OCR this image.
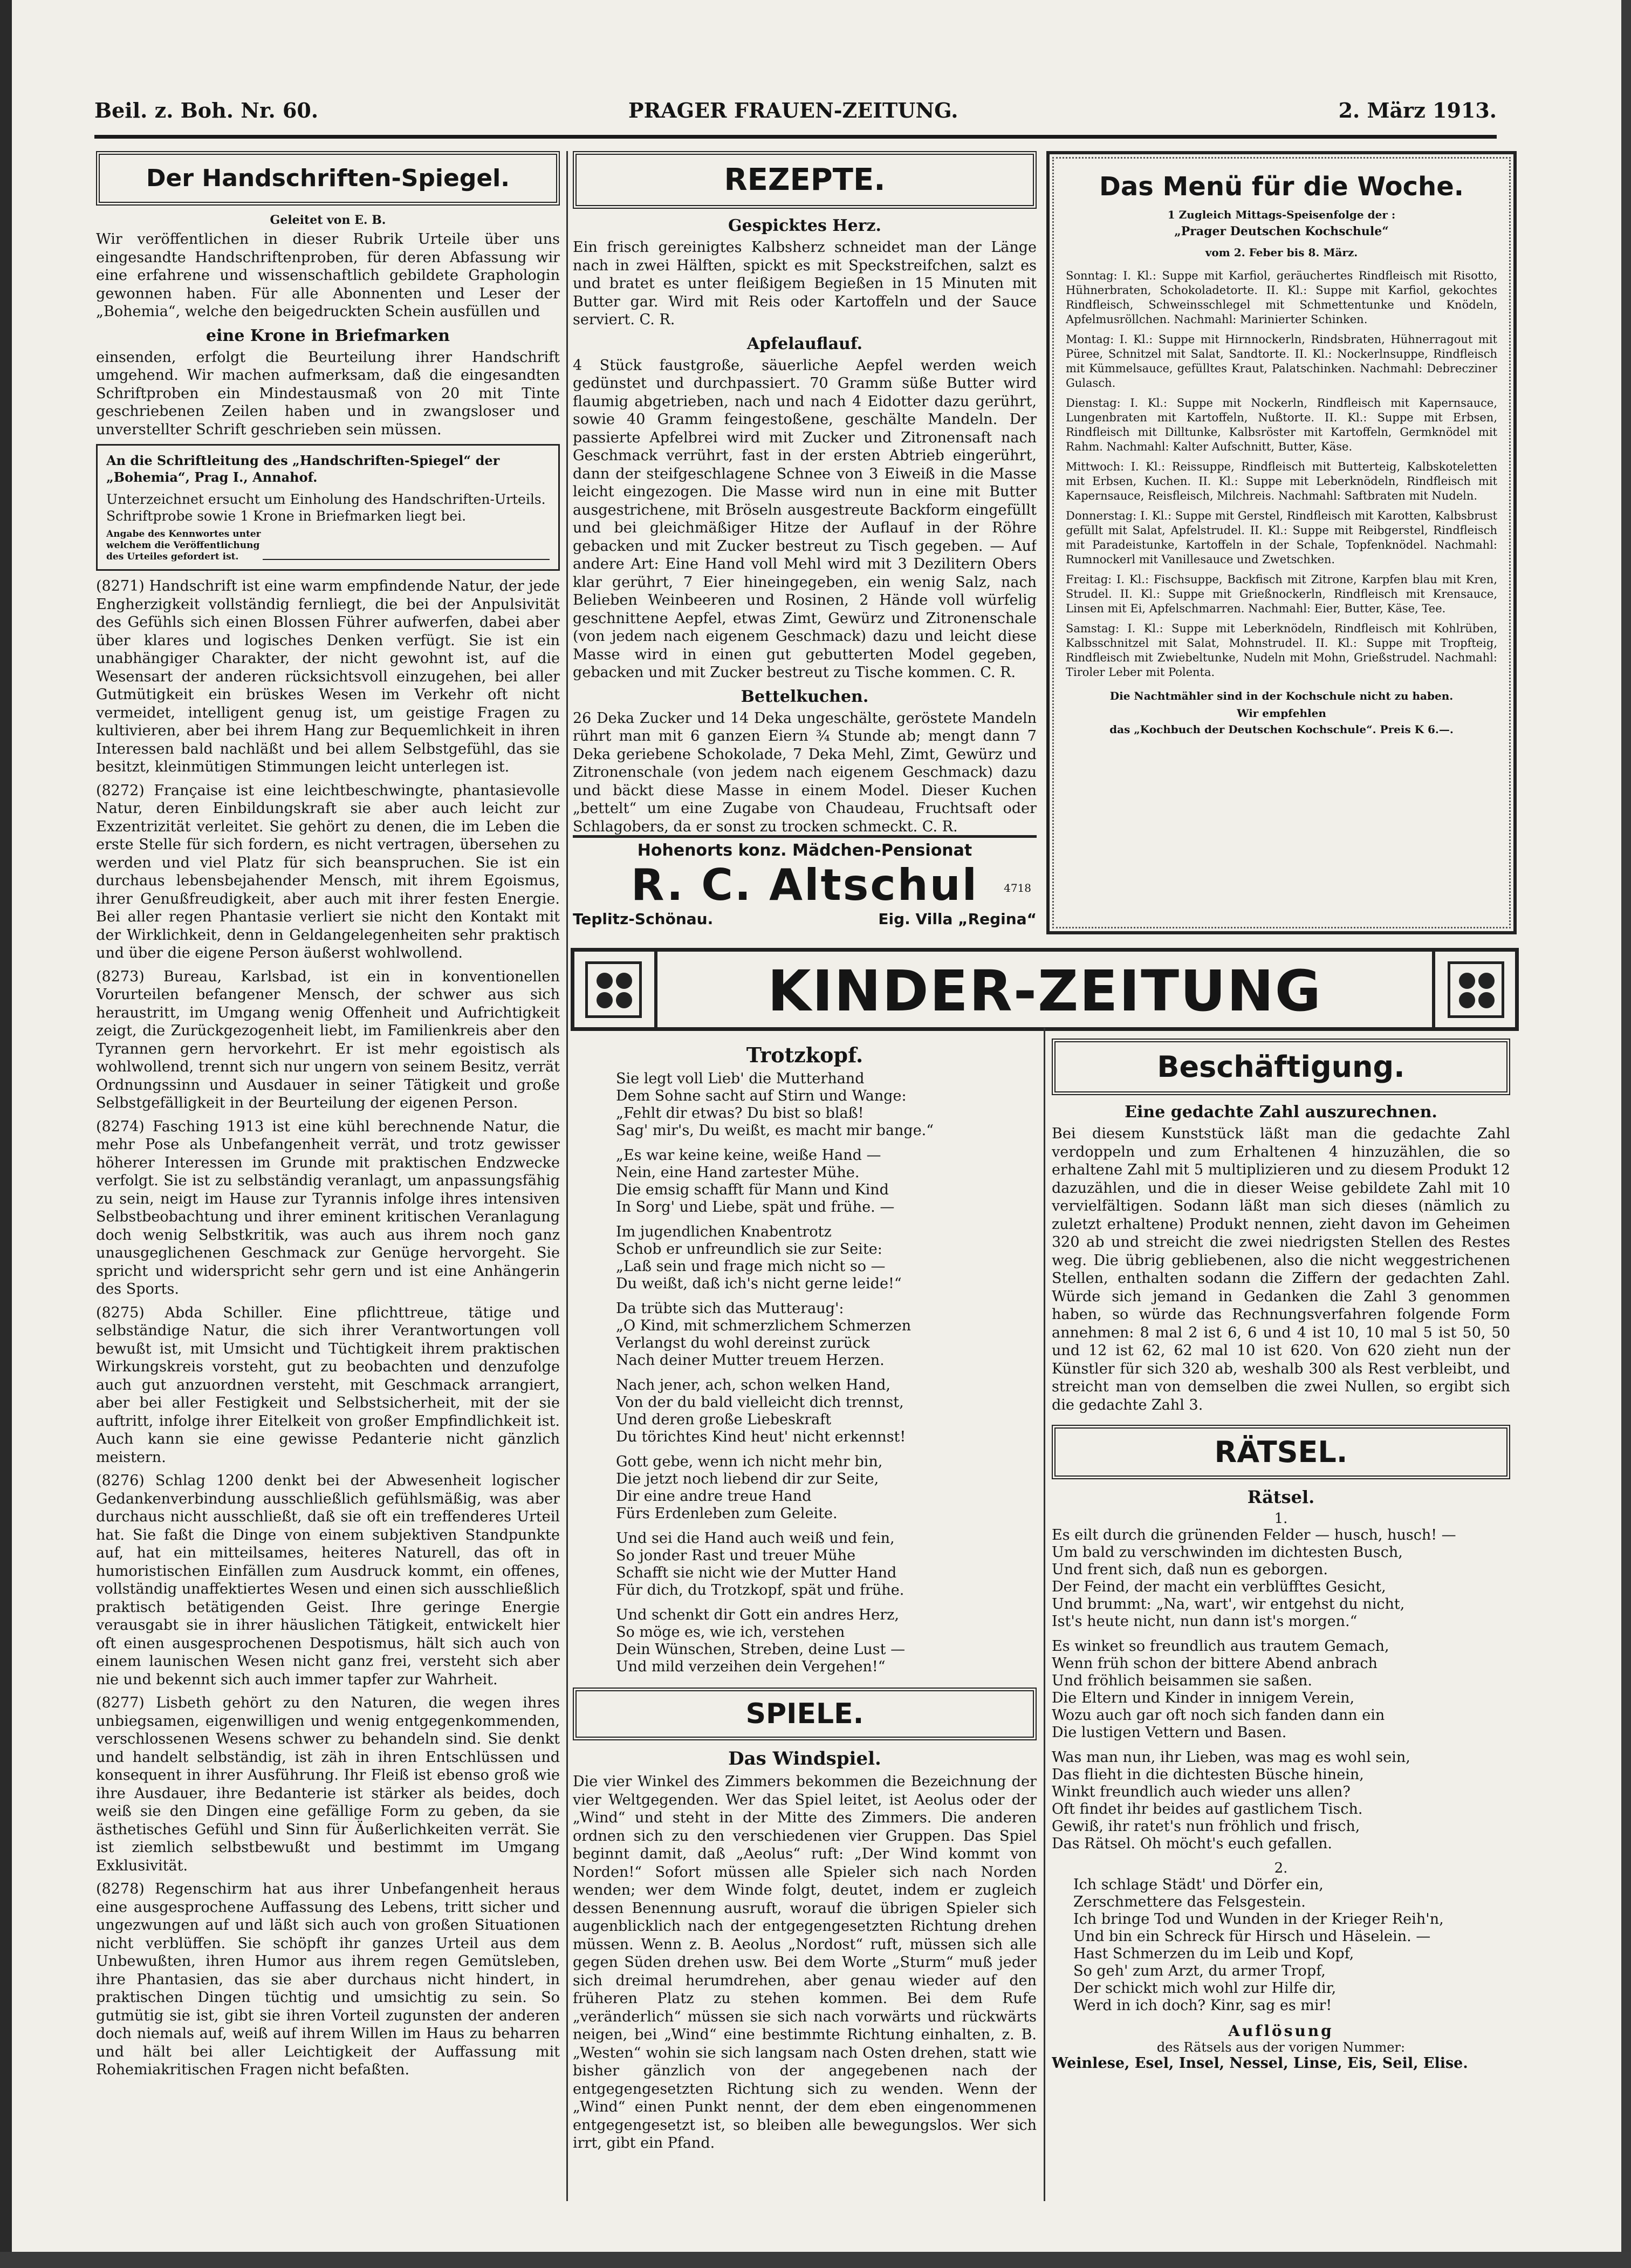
Beil. z. Boh. Nr. 60.	PRAGER FRAUEN-ZEITUNG.	2. März 1913.
Der Handschriften-Spiegel.
Geleitet von E. B.
Wir veröffentlichen in dieser Rubrik Urteile über uns eingesandte Handschriftenproben, für deren Abfassung wir eine erfahrene und wissenschaftlich gebildete Graphologin gewonnen haben. Für alle Abonnenten und Leser der „Bohemia“, welche den beigedruckten Schein ausfüllen und
eine Krone in Briefmarken
einsenden, erfolgt die Beurteilung ihrer Handschrift umgehend. Wir machen aufmerksam, daß die eingesandten Schriftproben ein Mindestausmaß von 20 mit Tinte geschriebenen Zeilen haben und in zwangsloser und unverstellter Schrift geschrieben sein müssen.
An die Schriftleitung des „Handschriften-Spiegel“ der „Bohemia“, Prag I., Annahof.
Unterzeichnet ersucht um Einholung des Handschriften-Urteils. Schriftprobe sowie 1 Krone in Briefmarken liegt bei.
Angabe des Kennwortes unter welchem die Veröffentlichung des Urteiles gefordert ist.
(8271) Handschrift ist eine warm empfindende Natur, der jede Engherzigkeit vollständig fernliegt, die bei der Anpulsivität des Gefühls sich einen Blossen Führer aufwerfen, dabei aber über klares und logisches Denken verfügt. Sie ist ein unabhängiger Charakter, der nicht gewohnt ist, auf die Wesensart der anderen rücksichtsvoll einzugehen, bei aller Gutmütigkeit ein brüskes Wesen im Verkehr oft nicht vermeidet, intelligent genug ist, um geistige Fragen zu kultivieren, aber bei ihrem Hang zur Bequemlichkeit in ihren Interessen bald nachläßt und bei allem Selbstgefühl, das sie besitzt, kleinmütigen Stimmungen leicht unterlegen ist.
(8272) Française ist eine leichtbeschwingte, phantasievolle Natur, deren Einbildungskraft sie aber auch leicht zur Exzentrizität verleitet. Sie gehört zu denen, die im Leben die erste Stelle für sich fordern, es nicht vertragen, übersehen zu werden und viel Platz für sich beanspruchen. Sie ist ein durchaus lebensbejahender Mensch, mit ihrem Egoismus, ihrer Genußfreudigkeit, aber auch mit ihrer festen Energie. Bei aller regen Phantasie verliert sie nicht den Kontakt mit der Wirklichkeit, denn in Geldangelegenheiten sehr praktisch und über die eigene Person äußerst wohlwollend.
(8273) Bureau, Karlsbad, ist ein in konventionellen Vorurteilen befangener Mensch, der schwer aus sich heraustritt, im Umgang wenig Offenheit und Aufrichtigkeit zeigt, die Zurückgezogenheit liebt, im Familienkreis aber den Tyrannen gern hervorkehrt. Er ist mehr egoistisch als wohlwollend, trennt sich nur ungern von seinem Besitz, verrät Ordnungssinn und Ausdauer in seiner Tätigkeit und große Selbstgefälligkeit in der Beurteilung der eigenen Person.
(8274) Fasching 1913 ist eine kühl berechnende Natur, die mehr Pose als Unbefangenheit verrät, und trotz gewisser höherer Interessen im Grunde mit praktischen Endzwecke verfolgt. Sie ist zu selbständig veranlagt, um anpassungsfähig zu sein, neigt im Hause zur Tyrannis infolge ihres intensiven Selbstbeobachtung und ihrer eminent kritischen Veranlagung doch wenig Selbstkritik, was auch aus ihrem noch ganz unausgeglichenen Geschmack zur Genüge hervorgeht. Sie spricht und widerspricht sehr gern und ist eine Anhängerin des Sports.
(8275) Abda Schiller. Eine pflichttreue, tätige und selbständige Natur, die sich ihrer Verantwortungen voll bewußt ist, mit Umsicht und Tüchtigkeit ihrem praktischen Wirkungskreis vorsteht, gut zu beobachten und denzufolge auch gut anzuordnen versteht, mit Geschmack arrangiert, aber bei aller Festigkeit und Selbstsicherheit, mit der sie auftritt, infolge ihrer Eitelkeit von großer Empfindlichkeit ist. Auch kann sie eine gewisse Pedanterie nicht gänzlich meistern.
(8276) Schlag 1200 denkt bei der Abwesenheit logischer Gedankenverbindung ausschließlich gefühlsmäßig, was aber durchaus nicht ausschließt, daß sie oft ein treffenderes Urteil hat. Sie faßt die Dinge von einem subjektiven Standpunkte auf, hat ein mitteilsames, heiteres Naturell, das oft in humoristischen Einfällen zum Ausdruck kommt, ein offenes, vollständig unaffektiertes Wesen und einen sich ausschließlich praktisch betätigenden Geist. Ihre geringe Energie verausgabt sie in ihrer häuslichen Tätigkeit, entwickelt hier oft einen ausgesprochenen Despotismus, hält sich auch von einem launischen Wesen nicht ganz frei, versteht sich aber nie und bekennt sich auch immer tapfer zur Wahrheit.
(8277) Lisbeth gehört zu den Naturen, die wegen ihres unbiegsamen, eigenwilligen und wenig entgegenkommenden, verschlossenen Wesens schwer zu behandeln sind. Sie denkt und handelt selbständig, ist zäh in ihren Entschlüssen und konsequent in ihrer Ausführung. Ihr Fleiß ist ebenso groß wie ihre Ausdauer, ihre Bedanterie ist stärker als beides, doch weiß sie den Dingen eine gefällige Form zu geben, da sie ästhetisches Gefühl und Sinn für Äußerlichkeiten verrät. Sie ist ziemlich selbstbewußt und bestimmt im Umgang Exklusivität.
(8278) Regenschirm hat aus ihrer Unbefangenheit heraus eine ausgesprochene Auffassung des Lebens, tritt sicher und ungezwungen auf und läßt sich auch von großen Situationen nicht verblüffen. Sie schöpft ihr ganzes Urteil aus dem Unbewußten, ihren Humor aus ihrem regen Gemütsleben, ihre Phantasien, das sie aber durchaus nicht hindert, in praktischen Dingen tüchtig und umsichtig zu sein. So gutmütig sie ist, gibt sie ihren Vorteil zugunsten der anderen doch niemals auf, weiß auf ihrem Willen im Haus zu beharren und hält bei aller Leichtigkeit der Auffassung mit Rohemiakritischen Fragen nicht befaßten.
REZEPTE.
Gespicktes Herz.
Ein frisch gereinigtes Kalbsherz schneidet man der Länge nach in zwei Hälften, spickt es mit Speckstreifchen, salzt es und bratet es unter fleißigem Begießen in 15 Minuten mit Butter gar. Wird mit Reis oder Kartoffeln und der Sauce serviert. C. R.
Apfelauflauf.
4 Stück faustgroße, säuerliche Aepfel werden weich gedünstet und durchpassiert. 70 Gramm süße Butter wird flaumig abgetrieben, nach und nach 4 Eidotter dazu gerührt, sowie 40 Gramm feingestoßene, geschälte Mandeln. Der passierte Apfelbrei wird mit Zucker und Zitronensaft nach Geschmack verrührt, fast in der ersten Abtrieb eingerührt, dann der steifgeschlagene Schnee von 3 Eiweiß in die Masse leicht eingezogen. Die Masse wird nun in eine mit Butter ausgestrichene, mit Bröseln ausgestreute Backform eingefüllt und bei gleichmäßiger Hitze der Auflauf in der Röhre gebacken und mit Zucker bestreut zu Tisch gegeben. — Auf andere Art: Eine Hand voll Mehl wird mit 3 Dezilitern Obers klar gerührt, 7 Eier hineingegeben, ein wenig Salz, nach Belieben Weinbeeren und Rosinen, 2 Hände voll würfelig geschnittene Aepfel, etwas Zimt, Gewürz und Zitronenschale (von jedem nach eigenem Geschmack) dazu und leicht diese Masse wird in einen gut gebutterten Model gegeben, gebacken und mit Zucker bestreut zu Tische kommen. C. R.
Bettelkuchen.
26 Deka Zucker und 14 Deka ungeschälte, geröstete Mandeln rührt man mit 6 ganzen Eiern ¾ Stunde ab; mengt dann 7 Deka geriebene Schokolade, 7 Deka Mehl, Zimt, Gewürz und Zitronenschale (von jedem nach eigenem Geschmack) dazu und bäckt diese Masse in einem Model. Dieser Kuchen „bettelt“ um eine Zugabe von Chaudeau, Fruchtsaft oder Schlagobers, da er sonst zu trocken schmeckt. C. R.
Hohenorts konz. Mädchen-Pensionat
R. C. Altschul 4718
Teplitz-Schönau.	Eig. Villa „Regina“
Das Menü für die Woche.
1 Zugleich Mittags-Speisenfolge der :
„Prager Deutschen Kochschule“
vom 2. Feber bis 8. März.
Sonntag: I. Kl.: Suppe mit Karfiol, geräuchertes Rindfleisch mit Risotto, Hühnerbraten, Schokoladetorte. II. Kl.: Suppe mit Karfiol, gekochtes Rindfleisch, Schweinsschlegel mit Schmettentunke und Knödeln, Apfelmusröllchen. Nachmahl: Marinierter Schinken.
Montag: I. Kl.: Suppe mit Hirnnockerln, Rindsbraten, Hühnerragout mit Püree, Schnitzel mit Salat, Sandtorte. II. Kl.: Nockerlnsuppe, Rindfleisch mit Kümmelsauce, gefülltes Kraut, Palatschinken. Nachmahl: Debrecziner Gulasch.
Dienstag: I. Kl.: Suppe mit Nockerln, Rindfleisch mit Kapernsauce, Lungenbraten mit Kartoffeln, Nußtorte. II. Kl.: Suppe mit Erbsen, Rindfleisch mit Dilltunke, Kalbsröster mit Kartoffeln, Germknödel mit Rahm. Nachmahl: Kalter Aufschnitt, Butter, Käse.
Mittwoch: I. Kl.: Reissuppe, Rindfleisch mit Butterteig, Kalbskoteletten mit Erbsen, Kuchen. II. Kl.: Suppe mit Leberknödeln, Rindfleisch mit Kapernsauce, Reisfleisch, Milchreis. Nachmahl: Saftbraten mit Nudeln.
Donnerstag: I. Kl.: Suppe mit Gerstel, Rindfleisch mit Karotten, Kalbsbrust gefüllt mit Salat, Apfelstrudel. II. Kl.: Suppe mit Reibgerstel, Rindfleisch mit Paradeistunke, Kartoffeln in der Schale, Topfenknödel. Nachmahl: Rumnockerl mit Vanillesauce und Zwetschken.
Freitag: I. Kl.: Fischsuppe, Backfisch mit Zitrone, Karpfen blau mit Kren, Strudel. II. Kl.: Suppe mit Grießnockerln, Rindfleisch mit Krensauce, Linsen mit Ei, Apfelschmarren. Nachmahl: Eier, Butter, Käse, Tee.
Samstag: I. Kl.: Suppe mit Leberknödeln, Rindfleisch mit Kohlrüben, Kalbsschnitzel mit Salat, Mohnstrudel. II. Kl.: Suppe mit Tropfteig, Rindfleisch mit Zwiebeltunke, Nudeln mit Mohn, Grießstrudel. Nachmahl: Tiroler Leber mit Polenta.
Die Nachtmähler sind in der Kochschule nicht zu haben.
Wir empfehlen
das „Kochbuch der Deutschen Kochschule“. Preis K 6.—.
KINDER-ZEITUNG
Trotzkopf.

Sie legt voll Lieb' die Mutterhand

Dem Sohne sacht auf Stirn und Wange:

„Fehlt dir etwas? Du bist so blaß!

Sag' mir's, Du weißt, es macht mir bange.“

„Es war keine keine, weiße Hand —

Nein, eine Hand zartester Mühe.

Die emsig schafft für Mann und Kind

In Sorg' und Liebe, spät und frühe. —

Im jugendlichen Knabentrotz

Schob er unfreundlich sie zur Seite:

„Laß sein und frage mich nicht so —

Du weißt, daß ich's nicht gerne leide!“

Da trübte sich das Mutteraug':

„O Kind, mit schmerzlichem Schmerzen

Verlangst du wohl dereinst zurück

Nach deiner Mutter treuem Herzen.

Nach jener, ach, schon welken Hand,

Von der du bald vielleicht dich trennst,

Und deren große Liebeskraft

Du törichtes Kind heut' nicht erkennst!

Gott gebe, wenn ich nicht mehr bin,

Die jetzt noch liebend dir zur Seite,

Dir eine andre treue Hand

Fürs Erdenleben zum Geleite.

Und sei die Hand auch weiß und fein,

So jonder Rast und treuer Mühe

Schafft sie nicht wie der Mutter Hand

Für dich, du Trotzkopf, spät und frühe.

Und schenkt dir Gott ein andres Herz,

So möge es, wie ich, verstehen

Dein Wünschen, Streben, deine Lust —

Und mild verzeihen dein Vergehen!“

SPIELE.
Das Windspiel.
Die vier Winkel des Zimmers bekommen die Bezeichnung der vier Weltgegenden. Wer das Spiel leitet, ist Aeolus oder der „Wind“ und steht in der Mitte des Zimmers. Die anderen ordnen sich zu den verschiedenen vier Gruppen. Das Spiel beginnt damit, daß „Aeolus“ ruft: „Der Wind kommt von Norden!“ Sofort müssen alle Spieler sich nach Norden wenden; wer dem Winde folgt, deutet, indem er zugleich dessen Benennung ausruft, worauf die übrigen Spieler sich augenblicklich nach der entgegengesetzten Richtung drehen müssen. Wenn z. B. Aeolus „Nordost“ ruft, müssen sich alle gegen Süden drehen usw. Bei dem Worte „Sturm“ muß jeder sich dreimal herumdrehen, aber genau wieder auf den früheren Platz zu stehen kommen. Bei dem Rufe „veränderlich“ müssen sie sich nach vorwärts und rückwärts neigen, bei „Wind“ eine bestimmte Richtung einhalten, z. B. „Westen“ wohin sie sich langsam nach Osten drehen, statt wie bisher gänzlich von der angegebenen nach der entgegengesetzten Richtung sich zu wenden. Wenn der „Wind“ einen Punkt nennt, der dem eben eingenommenen entgegengesetzt ist, so bleiben alle bewegungslos. Wer sich irrt, gibt ein Pfand.
Beschäftigung.
Eine gedachte Zahl auszurechnen.
Bei diesem Kunststück läßt man die gedachte Zahl verdoppeln und zum Erhaltenen 4 hinzuzählen, die so erhaltene Zahl mit 5 multiplizieren und zu diesem Produkt 12 dazuzählen, und die in dieser Weise gebildete Zahl mit 10 vervielfältigen. Sodann läßt man sich dieses (nämlich zu zuletzt erhaltene) Produkt nennen, zieht davon im Geheimen 320 ab und streicht die zwei niedrigsten Stellen des Restes weg. Die übrig gebliebenen, also die nicht weggestrichenen Stellen, enthalten sodann die Ziffern der gedachten Zahl. Würde sich jemand in Gedanken die Zahl 3 genommen haben, so würde das Rechnungsverfahren folgende Form annehmen: 8 mal 2 ist 6, 6 und 4 ist 10, 10 mal 5 ist 50, 50 und 12 ist 62, 62 mal 10 ist 620. Von 620 zieht nun der Künstler für sich 320 ab, weshalb 300 als Rest verbleibt, und streicht man von demselben die zwei Nullen, so ergibt sich die gedachte Zahl 3.
RÄTSEL.
Rätsel.
1.

Es eilt durch die grünenden Felder — husch, husch! —

Um bald zu verschwinden im dichtesten Busch,

Und frent sich, daß nun es geborgen.

Der Feind, der macht ein verblüfftes Gesicht,

Und brummt: „Na, wart', wir entgehst du nicht,

Ist's heute nicht, nun dann ist's morgen.“

Es winket so freundlich aus trautem Gemach,

Wenn früh schon der bittere Abend anbrach

Und fröhlich beisammen sie saßen.

Die Eltern und Kinder in innigem Verein,

Wozu auch gar oft noch sich fanden dann ein

Die lustigen Vettern und Basen.

Was man nun, ihr Lieben, was mag es wohl sein,

Das flieht in die dichtesten Büsche hinein,

Winkt freundlich auch wieder uns allen?

Oft findet ihr beides auf gastlichem Tisch.

Gewiß, ihr ratet's nun fröhlich und frisch,

Das Rätsel. Oh möcht's euch gefallen.

2.

Ich schlage Städt' und Dörfer ein,

Zerschmettere das Felsgestein.

Ich bringe Tod und Wunden in der Krieger Reih'n,

Und bin ein Schreck für Hirsch und Häselein. —

Hast Schmerzen du im Leib und Kopf,

So geh' zum Arzt, du armer Tropf,

Der schickt mich wohl zur Hilfe dir,

Werd in ich doch? Kinr, sag es mir!

Auflösung
des Rätsels aus der vorigen Nummer:
Weinlese, Esel, Insel, Nessel, Linse, Eis, Seil, Elise.
